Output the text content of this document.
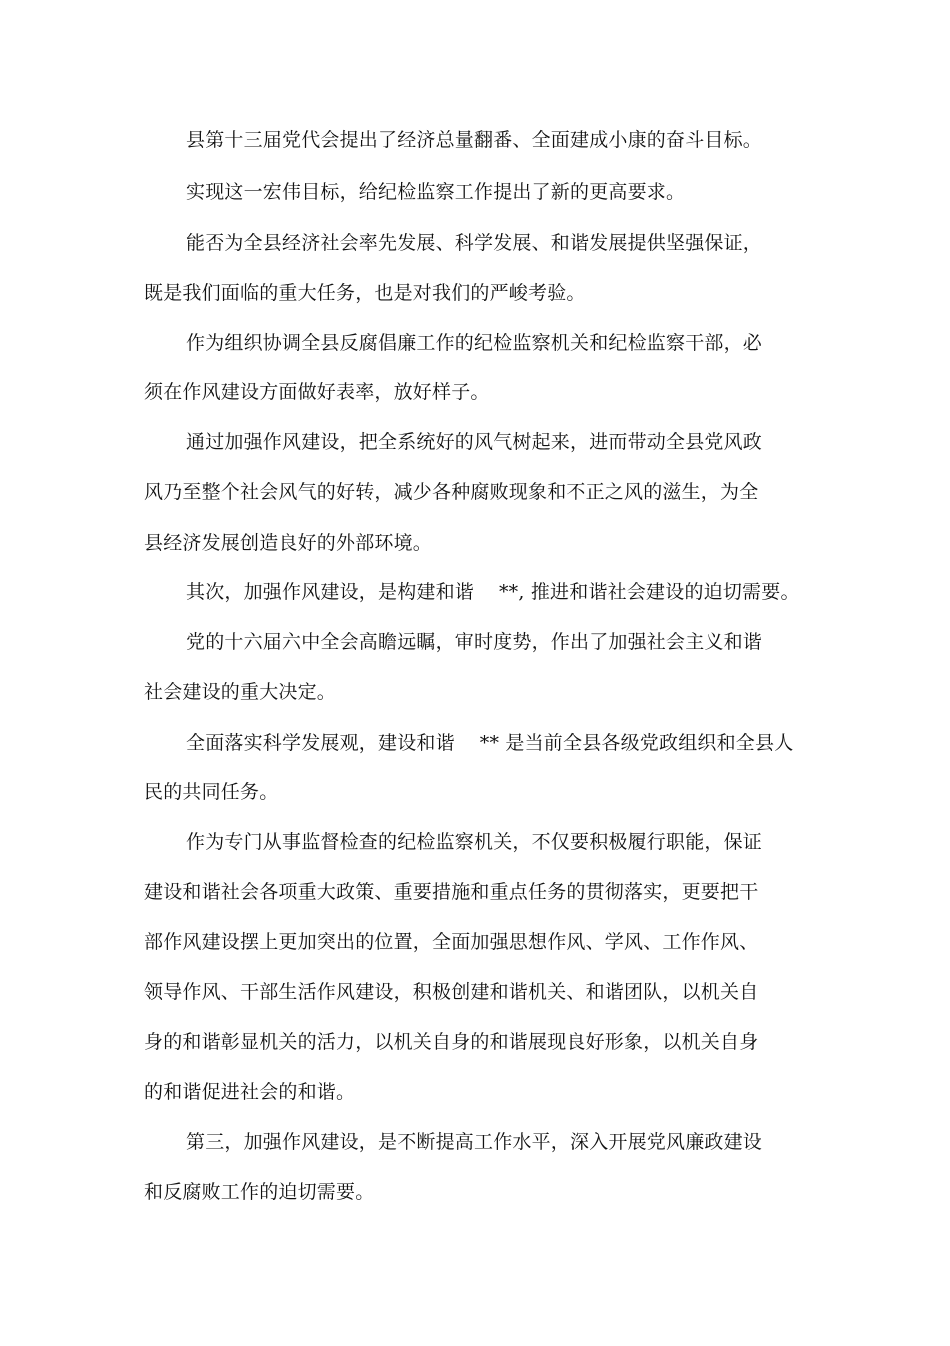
县第十三届党代会提出了经济总量翻番、全面建成小康的奋斗目标。
实现这一宏伟目标，给纪检监察工作提出了新的更高要求。
能否为全县经济社会率先发展、科学发展、和谐发展提供坚强保证，
既是我们面临的重大任务，也是对我们的严峻考验。
作为组织协调全县反腐倡廉工作的纪检监察机关和纪检监察干部，必
须在作风建设方面做好表率，放好样子。
通过加强作风建设，把全系统好的风气树起来，进而带动全县党风政
风乃至整个社会风气的好转，减少各种腐败现象和不正之风的滋生，为全
县经济发展创造良好的外部环境。
其次，加强作风建设，是构建和谐    **, 推进和谐社会建设的迫切需要。
党的十六届六中全会高瞻远瞩，审时度势，作出了加强社会主义和谐
社会建设的重大决定。
全面落实科学发展观，建设和谐    ** 是当前全县各级党政组织和全县人
民的共同任务。
作为专门从事监督检查的纪检监察机关，不仅要积极履行职能，保证
建设和谐社会各项重大政策、重要措施和重点任务的贯彻落实，更要把干
部作风建设摆上更加突出的位置，全面加强思想作风、学风、工作作风、
领导作风、干部生活作风建设，积极创建和谐机关、和谐团队，以机关自
身的和谐彰显机关的活力，以机关自身的和谐展现良好形象，以机关自身
的和谐促进社会的和谐。
第三，加强作风建设，是不断提高工作水平，深入开展党风廉政建设
和反腐败工作的迫切需要。
